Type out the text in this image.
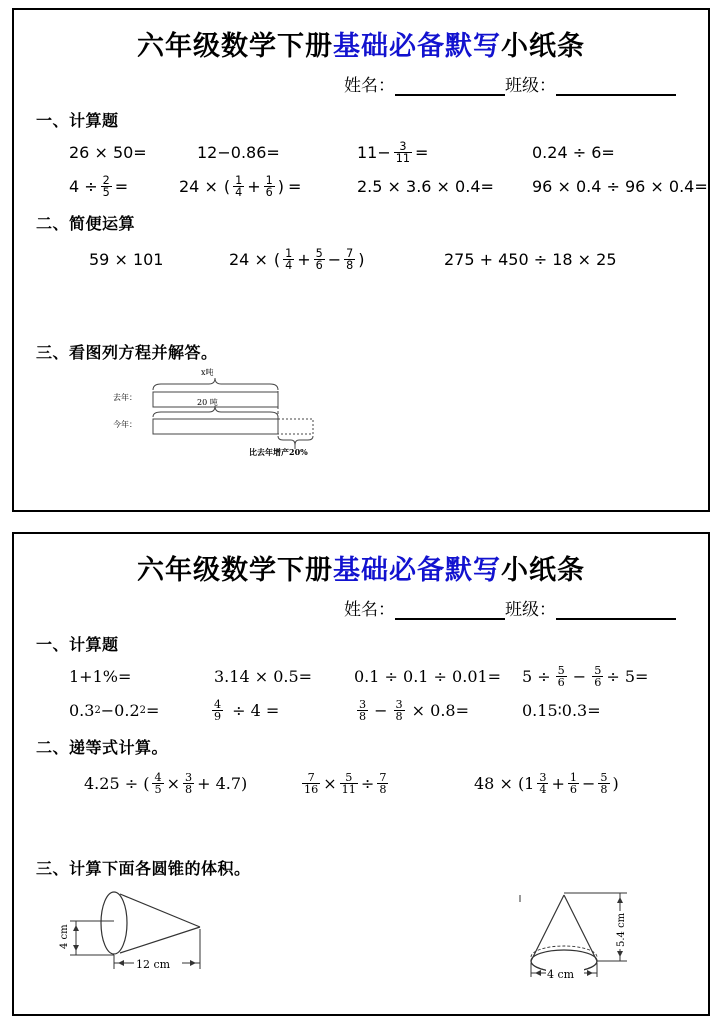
六年级数学下册基础必备默写小纸条
姓名：	班级：
一、计算题
26 × 50=	12−0.86=	$11- \frac{3}{11}$ =	0.24 ÷ 6=
$4 \div \frac{2}{5}$ =	24 × ( $\frac{1}{4} + \frac{1}{6}$ ) =	2.5 × 3.6 × 0.4=	96 × 0.4 ÷ 96 × 0.4=
二、简便运算
59 × 101	24 × ( $\frac{1}{4} + \frac{5}{6} - \frac{7}{8}$ )	275 + 450 ÷ 18 × 25
三、看图列方程并解答。
x吨
去年：
今年：
20 吨
比去年增产20%
六年级数学下册基础必备默写小纸条
姓名：	班级：
一、计算题
1+1%=	3.14 × 0.5=	0.1 ÷ 0.1 ÷ 0.01=	$5 \div \frac{5}{6} - \frac{5}{6} \div 5=$
0.3 2 −0.2 2 =	$\frac{4}{9} \div 4$ =	$\frac{3}{8} - \frac{3}{8} \times 0.8=$	0.15∶0.3=
二、递等式计算。
4.25 ÷ ( $\frac{4}{5} \times \frac{3}{8} + 4.7$)	$\frac{7}{16} \times \frac{5}{11} \div \frac{7}{8}$	$48 \times (1 \frac{3}{4} + \frac{1}{6} - \frac{5}{8}$ )
三、计算下面各圆锥的体积。
4 cm
12 cm
5.4 cm
4 cm
